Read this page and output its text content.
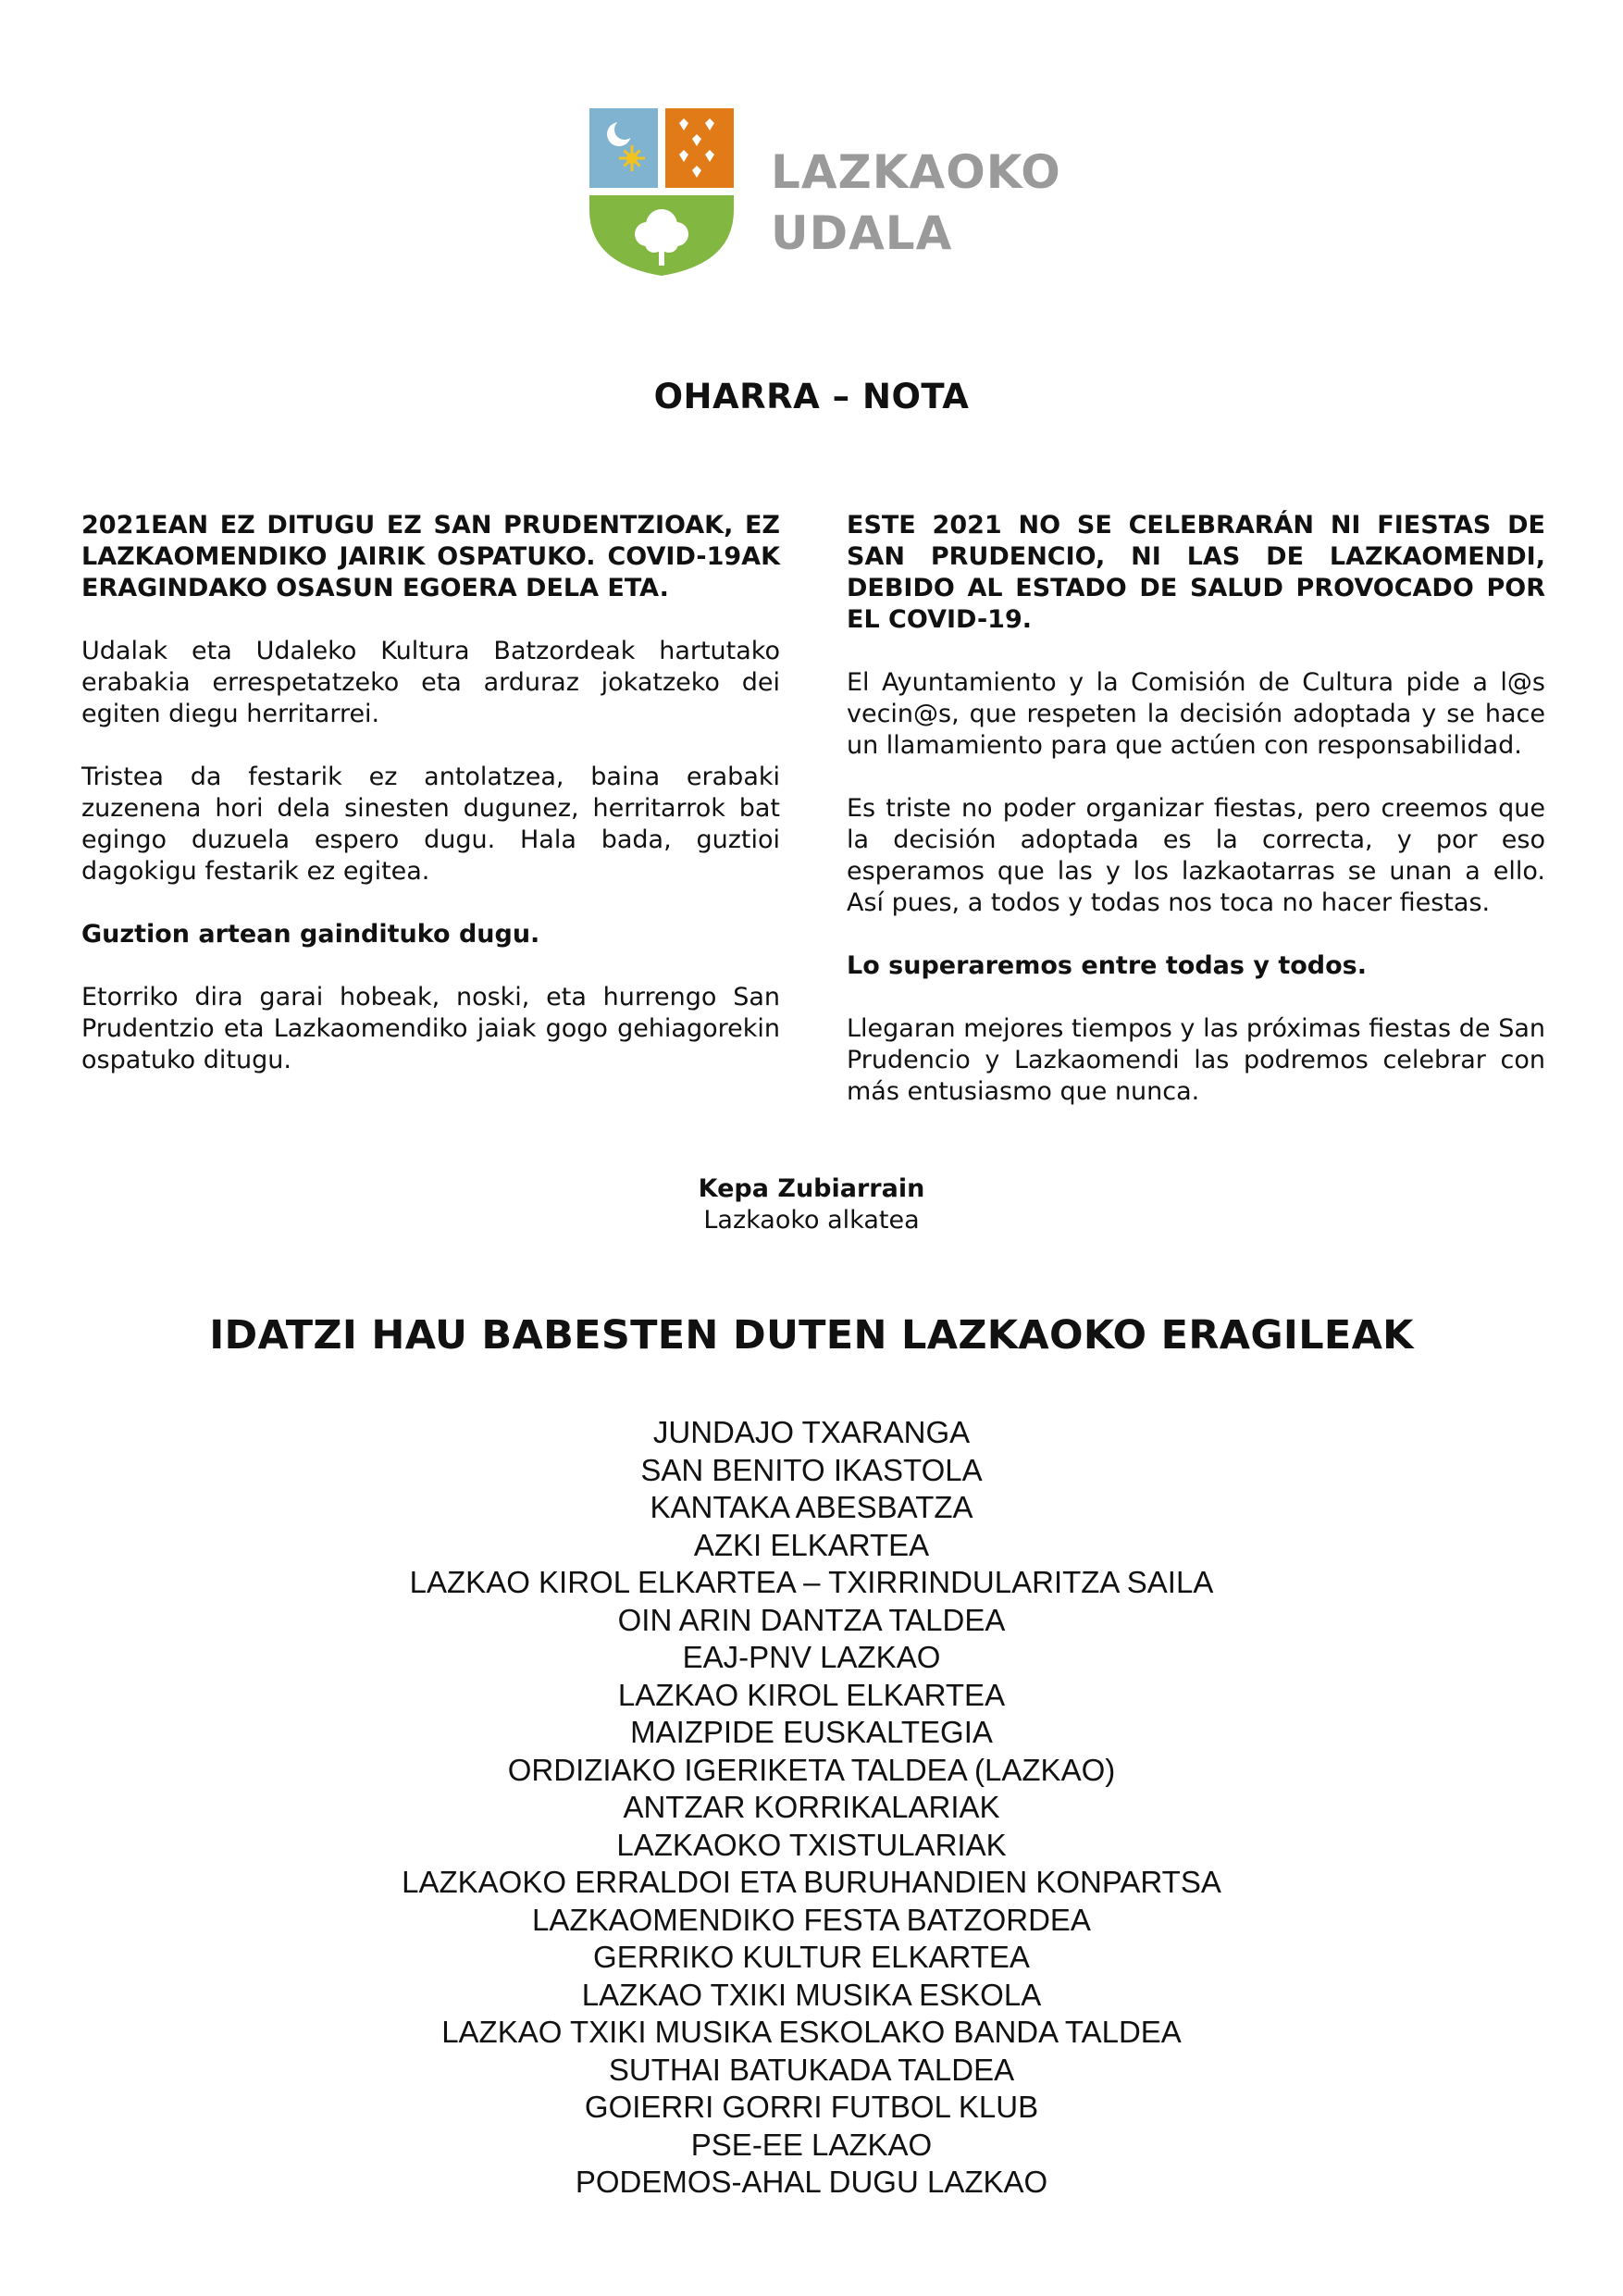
LAZKAOKO
UDALA
OHARRA – NOTA

2021EAN EZ DITUGU EZ SAN PRUDENTZIOAK, EZ LAZKAOMENDIKO JAIRIK OSPATUKO. COVID-19AK ERAGINDAKO OSASUN EGOERA DELA ETA.

Udalak eta Udaleko Kultura Batzordeak hartutako erabakia errespetatzeko eta arduraz jokatzeko dei egiten diegu herritarrei.

Tristea da festarik ez antolatzea, baina erabaki zuzenena hori dela sinesten dugunez, herritarrok bat egingo duzuela espero dugu. Hala bada, guztioi dagokigu festarik ez egitea.

Guztion artean gaindituko dugu.

Etorriko dira garai hobeak, noski, eta hurrengo San Prudentzio eta Lazkaomendiko jaiak gogo gehiagorekin ospatuko ditugu.

ESTE 2021 NO SE CELEBRARÁN NI FIESTAS DE SAN PRUDENCIO, NI LAS DE LAZKAOMENDI, DEBIDO AL ESTADO DE SALUD PROVOCADO POR EL COVID-19.

El Ayuntamiento y la Comisión de Cultura pide a l@s vecin@s, que respeten la decisión adoptada y se hace un llamamiento para que actúen con responsabilidad.

Es triste no poder organizar fiestas, pero creemos que la decisión adoptada es la correcta, y por eso esperamos que las y los lazkaotarras se unan a ello. Así pues, a todos y todas nos toca no hacer fiestas.

Lo superaremos entre todas y todos.

Llegaran mejores tiempos y las próximas fiestas de San Prudencio y Lazkaomendi las podremos celebrar con más entusiasmo que nunca.

Kepa Zubiarrain
Lazkaoko alkatea
IDATZI HAU BABESTEN DUTEN LAZKAOKO ERAGILEAK
JUNDAJO TXARANGA
SAN BENITO IKASTOLA
KANTAKA ABESBATZA
AZKI ELKARTEA
LAZKAO KIROL ELKARTEA – TXIRRINDULARITZA SAILA
OIN ARIN DANTZA TALDEA
EAJ-PNV LAZKAO
LAZKAO KIROL ELKARTEA
MAIZPIDE EUSKALTEGIA
ORDIZIAKO IGERIKETA TALDEA (LAZKAO)
ANTZAR KORRIKALARIAK
LAZKAOKO TXISTULARIAK
LAZKAOKO ERRALDOI ETA BURUHANDIEN KONPARTSA
LAZKAOMENDIKO FESTA BATZORDEA
GERRIKO KULTUR ELKARTEA
LAZKAO TXIKI MUSIKA ESKOLA
LAZKAO TXIKI MUSIKA ESKOLAKO BANDA TALDEA
SUTHAI BATUKADA TALDEA
GOIERRI GORRI FUTBOL KLUB
PSE-EE LAZKAO
PODEMOS-AHAL DUGU LAZKAO
